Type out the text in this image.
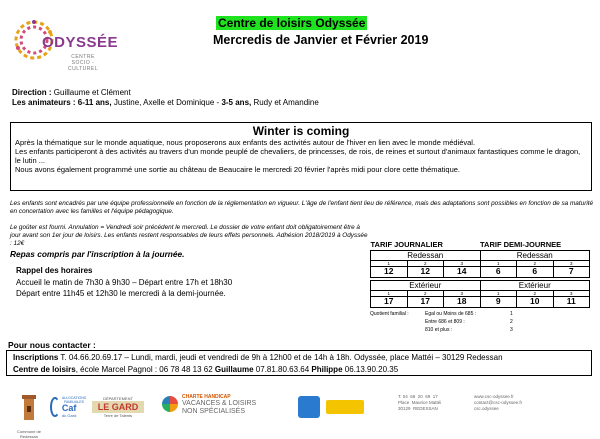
ODYSSÉE
CENTRE
SOCIO -
CULTUREL
Centre de loisirs Odyssée
Mercredis de Janvier et Février 2019
Direction : Guillaume et Clément
Les animateurs : 6-11 ans, Justine, Axelle et Dominique - 3-5 ans, Rudy et Amandine
Winter is coming
Après la thématique sur le monde aquatique, nous proposerons aux enfants des activités autour de l'hiver en lien avec le monde médiéval.
Les enfants participeront à des activités au travers d'un monde peuplé de chevaliers, de princesses, de rois, de reines et surtout d'animaux fantastiques comme le dragon, le lutin ...
Nous avons également programmé une sortie au château de Beaucaire le mercredi 20 février l'après midi pour clore cette thématique.
Les enfants sont encadrés par une équipe professionnelle en fonction de la réglementation en vigueur. L'âge de l'enfant tient lieu de référence, mais des adaptations sont possibles en fonction de sa maturité en concertation avec les familles et l'équipe pédagogique.
Le goûter est fourni. Annulation = Vendredi soir précédent le mercredi. Le dossier de votre enfant doit obligatoirement être à jour avant son 1er jour de loisirs. Les enfants restent responsables de leurs effets personnels. Adhésion 2018/2019 à Odyssée : 12€
Repas compris par l'inscription à la journée.
Rappel des horaires
Accueil le matin de 7h30 à 9h30 – Départ entre 17h et 18h30
Départ entre 11h45 et 12h30 le mercredi à la demi-journée.
TARIF JOURNALIER			TARIF DEMI-JOURNEE		
Redessan			Redessan		
1	2	3	1	2	3
12	12	14	6	6	7

Extérieur			Extérieur		
1	2	3	1	2	3
17	17	18	9	10	11
Quotient familial :	Egal ou Moins de 685 :	1
Entre 686 et 809 :	2
810 et plus :	3
Pour nous contacter :
Inscriptions T. 04.66.20.69.17 – Lundi, mardi, jeudi et vendredi de 9h à 12h00 et de 14h à 18h. Odyssée, place Mattéi – 30129 Redessan
Centre de loisirs, école Marcel Pagnol : 06 78 48 13 62 Guillaume 07.81.80.63.64 Philippe 06.13.90.20.35
Commune de Redessan
ALLOCATIONS
FAMILIALES
Caf
du Gard
DÉPARTEMENT
LE GARD
Terre de Talents
CHARTE HANDICAP
VACANCES & LOISIRS
NON SPÉCIALISÉS
T. 04  66  20  69  17
Place  Maurice Mattéi
30129  REDESSAN
www.csc-odyssee.fr
contact@csc-odyssee.fr
csc.odyssee
